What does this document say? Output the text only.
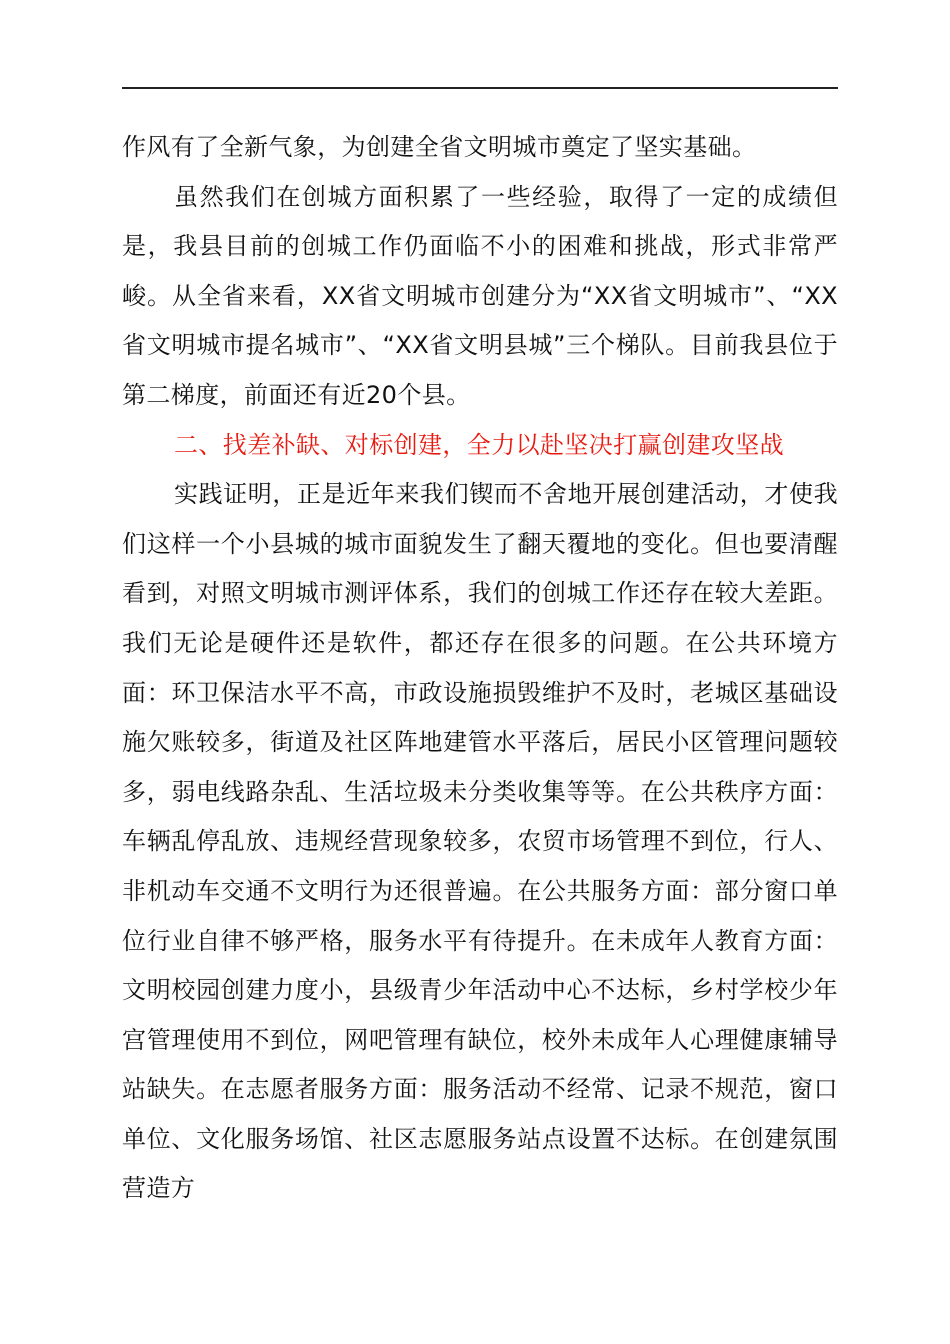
作风有了全新气象，为创建全省文明城市奠定了坚实基础。

虽然我们在创城方面积累了一些经验，取得了一定的成绩但是，我县目前的创城工作仍面临不小的困难和挑战，形式非常严峻。从全省来看，XX省文明城市创建分为“XX省文明城市”、“XX省文明城市提名城市”、“XX省文明县城”三个梯队。目前我县位于第二梯度，前面还有近20个县。

二、找差补缺、对标创建，全力以赴坚决打赢创建攻坚战

实践证明，正是近年来我们锲而不舍地开展创建活动，才使我们这样一个小县城的城市面貌发生了翻天覆地的变化。但也要清醒看到，对照文明城市测评体系，我们的创城工作还存在较大差距。我们无论是硬件还是软件，都还存在很多的问题。在公共环境方面：环卫保洁水平不高，市政设施损毁维护不及时，老城区基础设施欠账较多，街道及社区阵地建管水平落后，居民小区管理问题较多，弱电线路杂乱、生活垃圾未分类收集等等。在公共秩序方面：车辆乱停乱放、违规经营现象较多，农贸市场管理不到位，行人、非机动车交通不文明行为还很普遍。在公共服务方面：部分窗口单位行业自律不够严格，服务水平有待提升。在未成年人教育方面：文明校园创建力度小，县级青少年活动中心不达标，乡村学校少年宫管理使用不到位，网吧管理有缺位，校外未成年人心理健康辅导站缺失。在志愿者服务方面：服务活动不经常、记录不规范，窗口单位、文化服务场馆、社区志愿服务站点设置不达标。在创建氛围营造方
